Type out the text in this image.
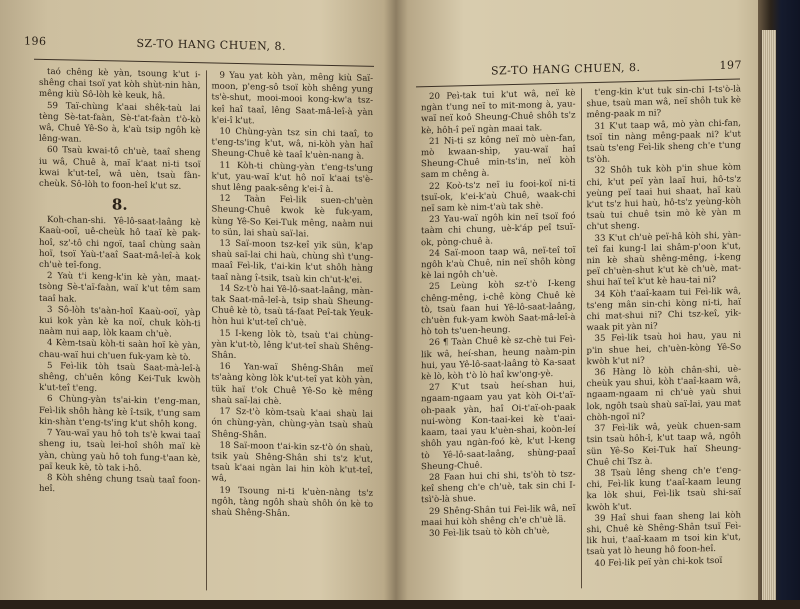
196	SZ-TO HANG CHUEN, 8.

taó chêng kè yàn, tsoung k'ut i-shêng chai tsoï yat kòh shùt-nin hàn, mêng kiù Sô-lòh kè keuk, hâ.

59 Taï-chùng k'aai shêk-taù lai tèng Sè-tat-faàn, Sè-t'at-faàn t'ò-kò wâ, Chuê Yê-So à, k'aù tsip ngôh kè lêng-wan.

60 Tsaù kwai-tô ch'uè, taaî sheng iu wâ, Chuê à, maï k'aat ni-ti tsoï kwai k'ut-teî, wâ uèn, tsaù fàn-cheùk. Sô-lòh to foon-heî k'ut sz.

8.

Koh-chan-shi. Yê-lô-saat-laâng kè Kaaù-ooï, uê-cheùk hô taaï kè pak-hoî, sz'-tô chi ngoï, taaî chùng saàn hoï, tsoï Yaù-t'aaî Saat-mâ-leî-à kok ch'uè teî-fong.

2 Yaù t'i keng-k'in kè yàn, maat-tsòng Sè-t'aï-faàn, waï k'ut têm sam taaî hak.

3 Sô-lòh ts'aàn-hoî Kaaù-ooï, yàp kui kok yàn kè ka noï, chuk kòh-ti naàm nui aap, lòk kaam ch'uè.

4 Kèm-tsaù kòh-ti saàn hoï kè yàn, chau-waï hui ch'uen fuk-yam kè tò.

5 Feì-lik tòh tsaù Saat-mà-leî-à shêng, ch'uên kông Kei-Tuk kwòh k'ut-teî t'eng.

6 Chùng-yàn ts'ai-kin t'eng-man, Feì-lik shôh hàng kè î-tsik, t'ung sam kin-shàn t'eng-ts'ing k'ut shôh kong.

7 Yau-waï yau hô toh ts'è kwai taaî sheng iu, tsaù lei-hoî shôh maï kè yàn, chùng yaù hô toh fung-t'aan kè, paï keuk kè, tò tak i-hô.

8 Kòh shêng chung tsaù taaî foon-heî.

9 Yau yat kòh yàn, mêng kiù Saï-moon, p'eng-sô tsoï kòh shêng yung ts'è-shut, mooi-mooi kong-kw'a tsz-keî haî taaî, lêng Saat-mâ-leî-à yàn k'ei-î k'ut.

10 Chùng-yàn tsz sin chi taaî, to t'eng-ts'ing k'ut, wâ, ni-kòh yàn haî Sheung-Chuê kè taaî k'uèn-nang à.

11 Kòh-ti chùng-yàn t'eng-ts'ung k'ut, yau-waï k'ut hô noï k'aai ts'è-shut lêng paak-sêng k'ei-î à.

12 Taàn Feì-lik suen-ch'uèn Sheung-Chuê kwok kè fuk-yam, kùng Yê-So Kei-Tuk mêng, naàm nui to sün, lai shaù saï-lai.

13 Saï-moon tsz-keî yik sün, k'ap shaù saï-lai chi haù, chùng shì t'ung-maaî Feì-lik, t'ai-kin k'ut shôh hàng taaî nàng î-tsik, tsaù kin ch'ut-k'ei.

14 Sz-t'ò hai Yê-lô-saat-laâng, màn-tak Saat-mâ-leî-à, tsip shaù Sheung-Chuê kè tò, tsaù tá-faat Peî-tak Yeuk-hòn hui k'ut-teî ch'uè.

15 I-keng lòk tò, tsaù t'ai chùng-yàn k'ut-tò, lêng k'ut-teî shaù Shêng-Shân.

16 Yan-waï Shêng-Shân meï ts'aàng kòng lòk k'ut-teî yat kòh yàn, tük haï t'ok Chuê Yê-So kè mêng shaù saï-lai chè.

17 Sz-t'ò kòm-tsaù k'aai shaù lai ón chùng-yàn, chùng-yàn tsaù shaù Shêng-Shân.

18 Saï-moon t'ai-kin sz-t'ò ón shaù, tsik yaù Shêng-Shân shi ts'z k'ut, tsaù k'aai ngàn lai hin kòh k'ut-teî, wâ,

19 Tsoung ni-ti k'uèn-nàng ts'z ngôh, tàng ngôh shaù shôh ón kè to shaù Shêng-Shân.

SZ-TO HANG CHUEN, 8.	197

20 Peì-tak tui k'ut wâ, neï kè ngàn t'ung neï to mit-mong à, yau-waï neï koô Sheung-Chuê shôh ts'z kè, hôh-î peï ngàn maai tak.

21 Ni-ti sz kông neï mò uèn-fan, mò kwaan-shìp, yau-waï haî Sheung-Chuê min-ts'in, neï kòh sam m chêng à.

22 Koò-ts'z neï iu fooi-koï ni-ti tsuï-ok, k'ei-k'aù Chuê, waak-chi neï sam kè nim-t'aù tak shè.

23 Yau-waï ngôh kin neï tsoï foó taàm chi chung, uè-k'áp peî tsuï-ok, pòng-chuê à.

24 Saï-moon taap wâ, neï-teî toï ngôh k'aù Chuê, nin neï shôh kòng kè lai ngôh ch'uè.

25 Leùng kòh sz-t'ò I-keng chêng-mêng, i-chê kòng Chuê kè tò, tsaù faan hui Yê-lô-saat-laâng, ch'uèn fuk-yam kwòh Saat-mâ-leî-à hò toh ts'uen-heung.

26 ¶ Taàn Chuê kè sz-chè tui Feì-lik wâ, heí-shan, heung naàm-pin hui, yau Yê-lô-saat-laâng tò Ka-saat kè lò, kòh t'ò lò haî kw'ong-yè.

27 K'ut tsaù heí-shan hui, ngaam-ngaam yau yat kòh Oi-t'aï-oh-paak yàn, haî Oi-t'aï-oh-paak nui-wòng Kon-taai-kei kè t'aai-kaam, taai yau k'uèn-shai, koòn-leí shôh yau ngàn-foó kè, k'ut l-keng tò Yê-lô-saat-laâng, shùng-paaî Sheung-Chuê.

28 Faan hui chi shi, ts'òh tò tsz-keî sheng ch'e ch'uè, tak sin chi I-tsì'ò-là shue.

29 Shêng-Shân tui Feì-lik wâ, neï maai hui kòh shêng ch'e ch'uè lä.

30 Feì-lik tsaù tò kòh ch'uè,

t'eng-kin k'ut tuk sin-chi I-ts'ò-là shue, tsaù man wâ, neï shôh tuk kè mêng-paak m ni?

31 K'ut taap wâ, mò yàn chi-fan, tsoï tin nàng mêng-paak ni? k'ut tsaù ts'eng Feì-lik sheng ch'e t'ung ts'òh.

32 Shôh tuk kòh p'in shue kòm chi, k'ut peï yàn laaï hui, hô-ts'z yeùng peï taai hui shaat, haï kaù k'ut ts'z hui haù, hô-ts'z yeùng-kòh tsaù tui chuê tsin mò kè yàn m ch'ut sheng.

33 K'ut ch'uè peï-hâ kòh shi, yàn-teî fai kung-l lai shâm-p'oon k'ut, nin kè shaù shêng-mêng, i-keng peï ch'uèn-shut k'ut kè ch'uè, mat-shui haï teî k'ut kè hau-tai ni?

34 Kòh t'aaî-kaam tui Feì-lik wâ, ts'eng mân sin-chi kòng ni-ti, haï chi mat-shui ni? Chi tsz-keî, yik-waak pit yàn ni?

35 Feì-lik tsaù hoi hau, yau ni p'in shue hei, ch'uèn-kòng Yê-So kwòh k'ut ni?

36 Hàng lò kòh chân-shi, uè-cheùk yau shui, kòh t'aaî-kaam wâ, ngaam-ngaam ni ch'uè yaù shui lok, ngôh tsaù shaù saï-lai, yau mat chòh-ngoï ni?

37 Feì-lik wâ, yeùk chuen-sam tsin tsaù hôh-î, k'ut taap wâ, ngôh sün Yê-So Kei-Tuk haï Sheung-Chuê chi Tsz à.

38 Tsaù lêng sheng ch'e t'eng-chi, Feì-lik kung t'aaî-kaam leung ka lòk shui, Feì-lik tsaù shi-saï kwòh k'ut.

39 Haî shui faan sheng lai kòh shi, Chuê kè Shêng-Shân tsuï Feì-lik hui, t'aaî-kaam m tsoi kin k'ut, tsaù yat lò heung hô foon-heî.

40 Feì-lik peï yàn chi-kok tsoï
